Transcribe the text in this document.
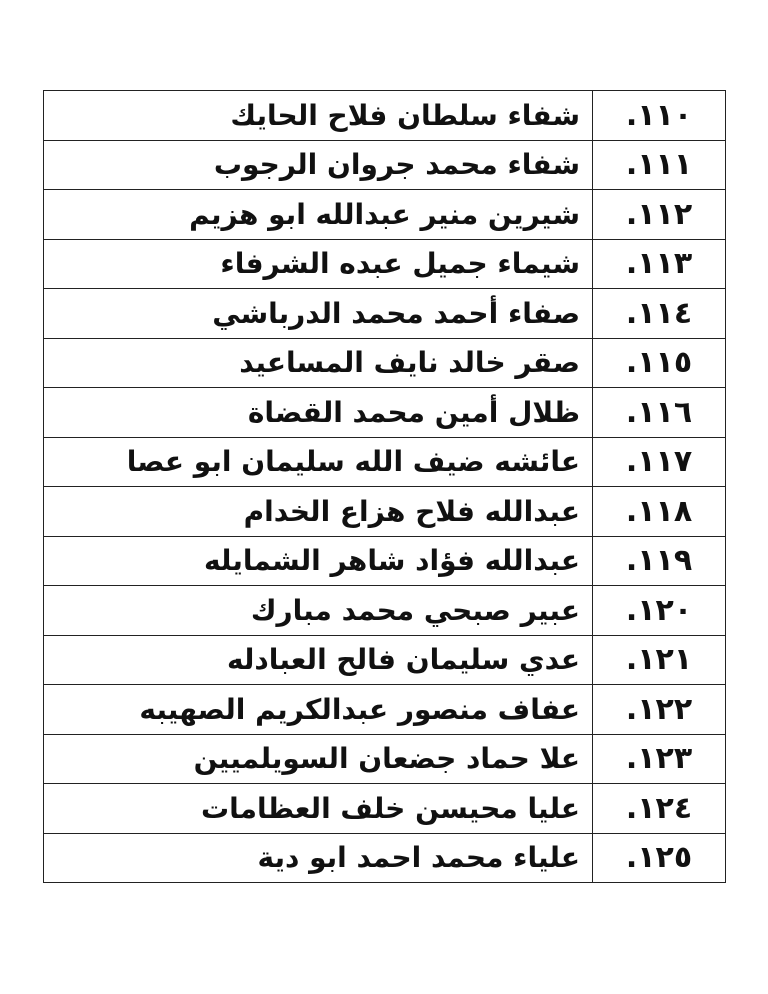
١١٠.	شفاء سلطان فلاح الحايك
١١١.	شفاء محمد جروان الرجوب
١١٢.	شيرين منير عبدالله ابو هزيم
١١٣.	شيماء جميل عبده الشرفاء
١١٤.	صفاء أحمد محمد الدرباشي
١١٥.	صقر خالد نايف المساعيد
١١٦.	ظلال أمين محمد القضاة
١١٧.	عائشه ضيف الله سليمان ابو عصا
١١٨.	عبدالله فلاح هزاع الخدام
١١٩.	عبدالله فؤاد شاهر الشمايله
١٢٠.	عبير صبحي محمد مبارك
١٢١.	عدي سليمان فالح العبادله
١٢٢.	عفاف منصور عبدالكريم الصهيبه
١٢٣.	علا حماد جضعان السويلميين
١٢٤.	عليا محيسن خلف العظامات
١٢٥.	علياء محمد احمد ابو دية
